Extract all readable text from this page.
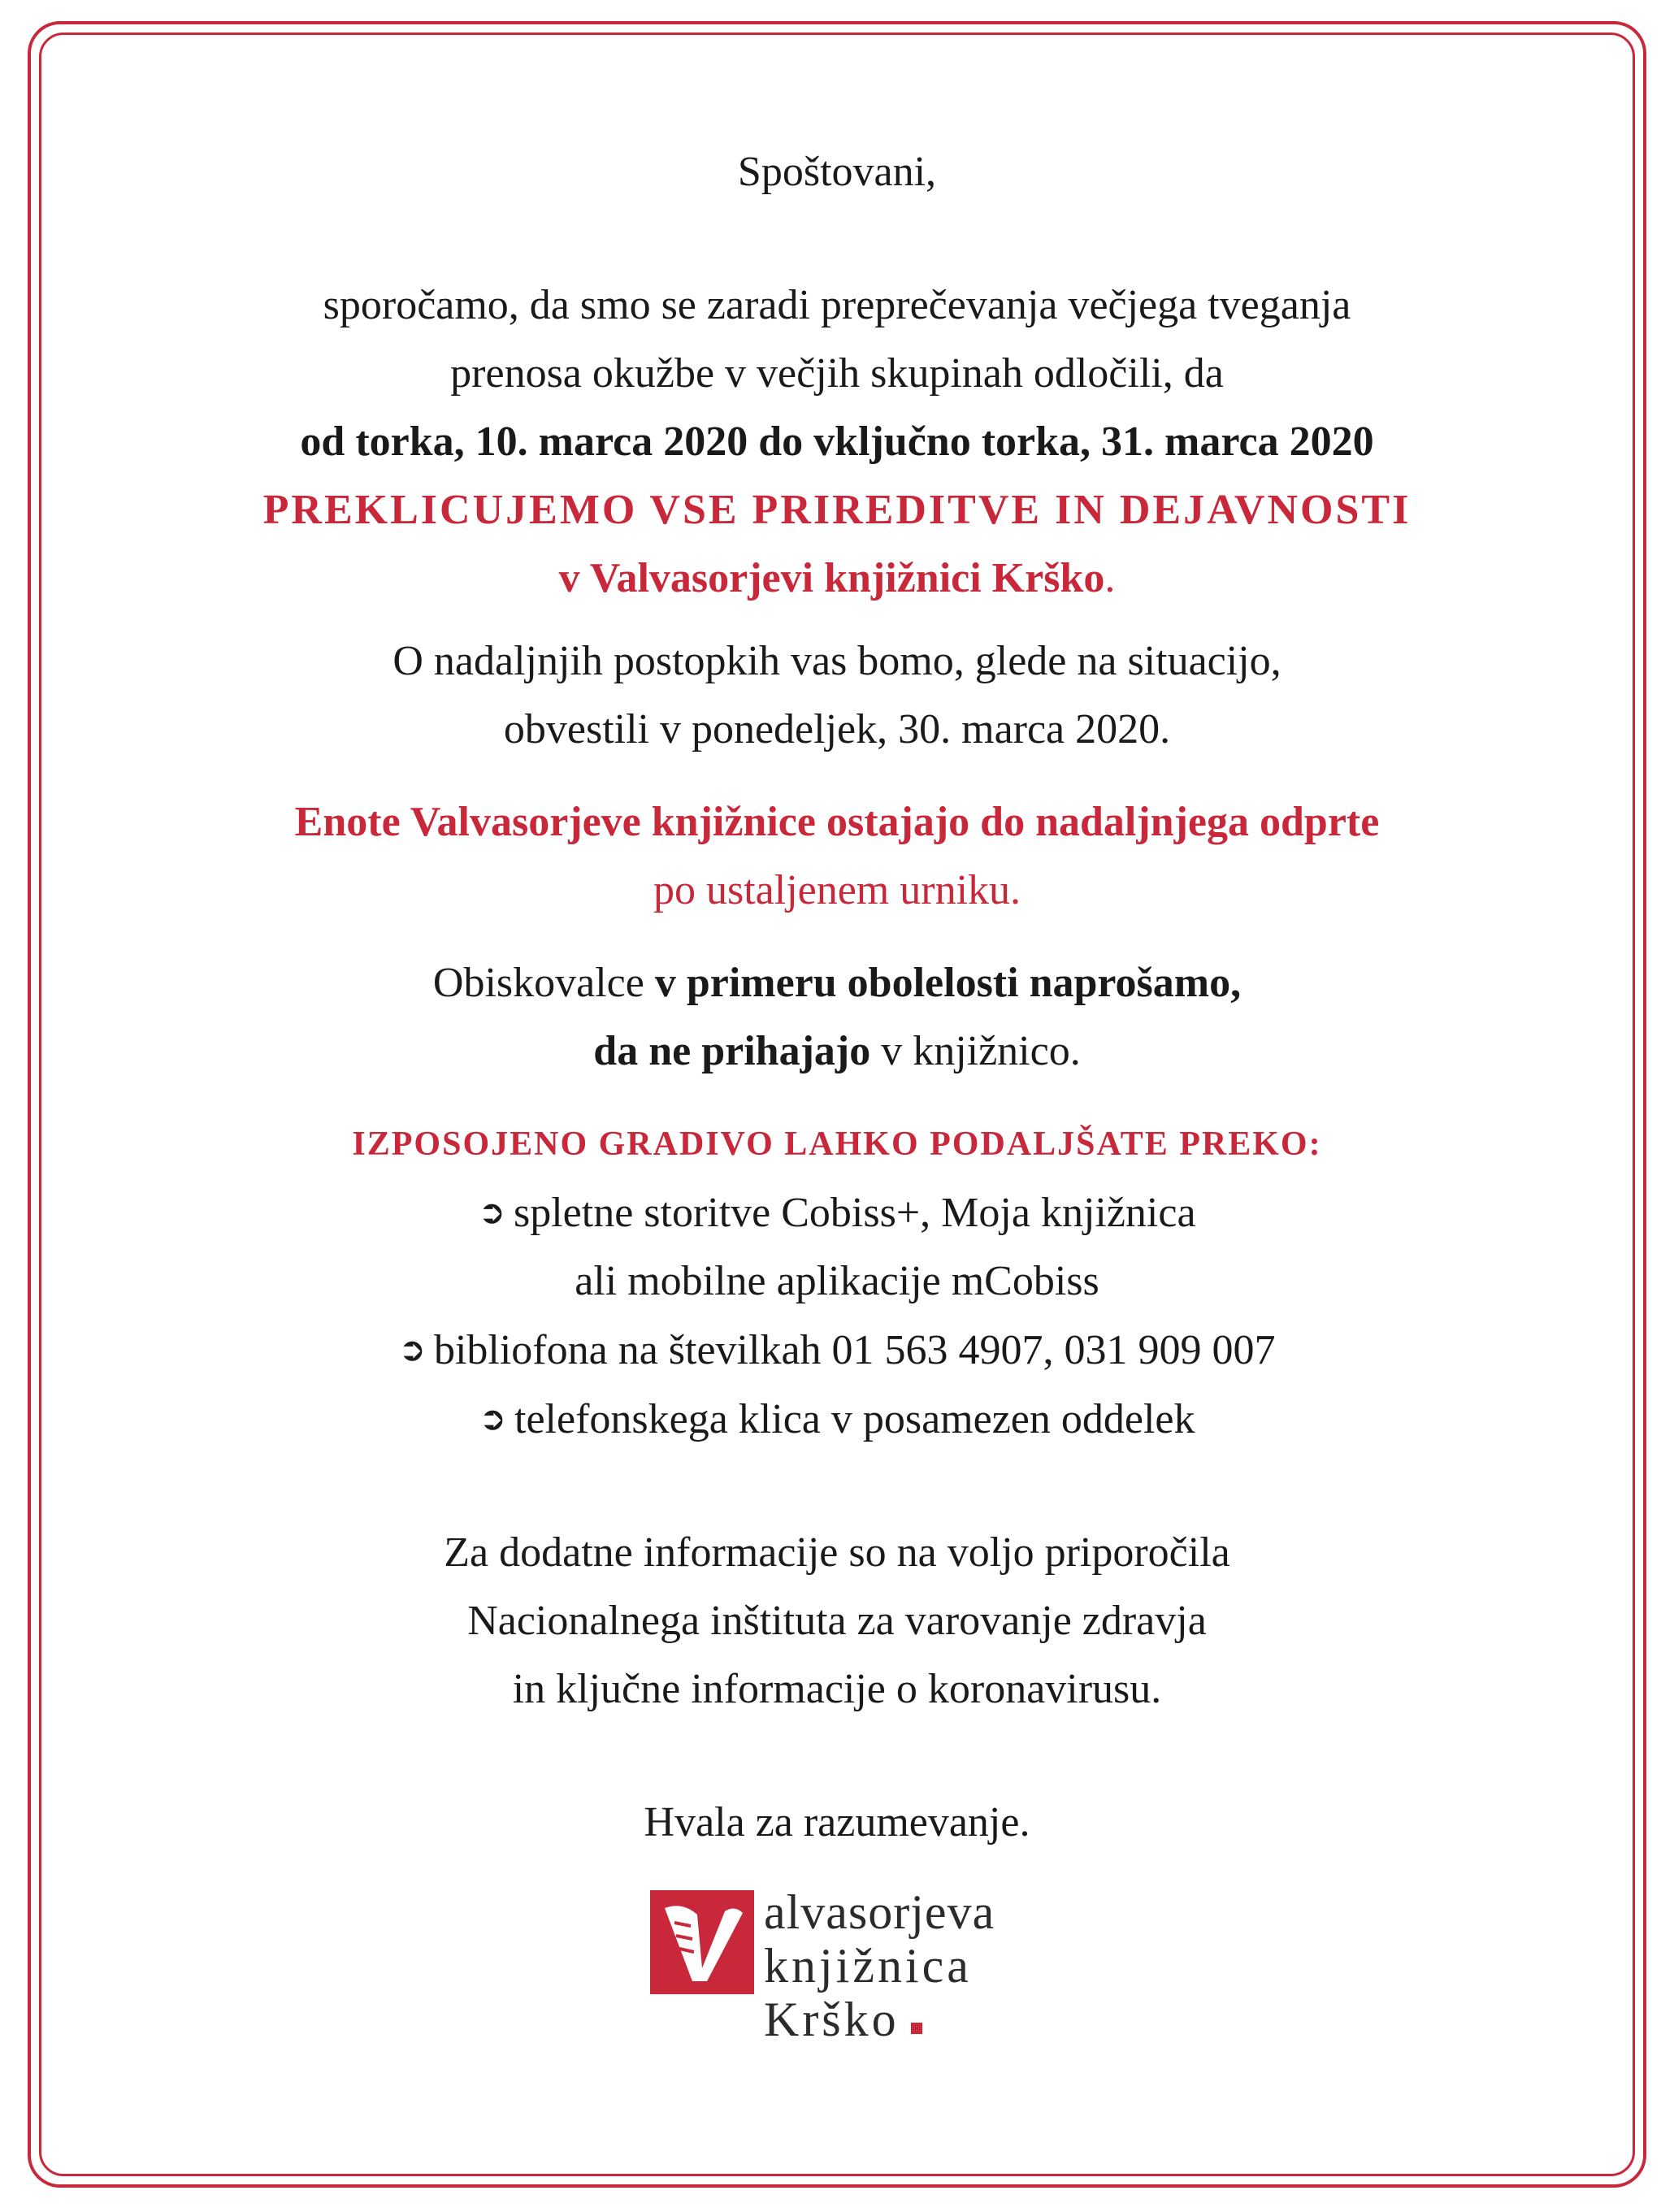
Spoštovani,

sporočamo, da smo se zaradi preprečevanja večjega tveganja

prenosa okužbe v večjih skupinah odločili, da

od torka, 10. marca 2020 do vključno torka, 31. marca 2020

PREKLICUJEMO VSE PRIREDITVE IN DEJAVNOSTI

v Valvasorjevi knjižnici Krško.

O nadaljnjih postopkih vas bomo, glede na situacijo,

obvestili v ponedeljek, 30. marca 2020.

Enote Valvasorjeve knjižnice ostajajo do nadaljnjega odprte

po ustaljenem urniku.

Obiskovalce v primeru obolelosti naprošamo,

da ne prihajajo v knjižnico.

IZPOSOJENO GRADIVO LAHKO PODALJŠATE PREKO:

➲ spletne storitve Cobiss+, Moja knjižnica

ali mobilne aplikacije mCobiss

➲ bibliofona na številkah 01 563 4907, 031 909 007

➲ telefonskega klica v posamezen oddelek

Za dodatne informacije so na voljo priporočila

Nacionalnega inštituta za varovanje zdravja

in ključne informacije o koronavirusu.

Hvala za razumevanje.

alvasorjeva
knjižnica
Krško
